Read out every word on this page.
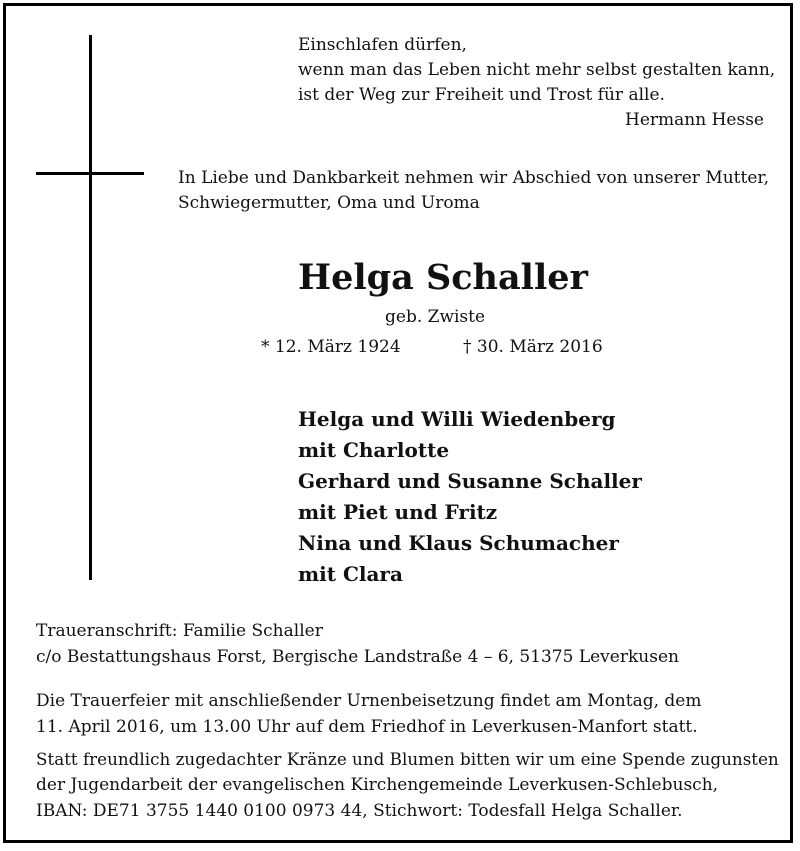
Einschlafen dürfen,
wenn man das Leben nicht mehr selbst gestalten kann,
ist der Weg zur Freiheit und Trost für alle.
Hermann Hesse
In Liebe und Dankbarkeit nehmen wir Abschied von unserer Mutter,
Schwiegermutter, Oma und Uroma
Helga Schaller
geb. Zwiste
* 12. März 1924	† 30. März 2016
Helga und Willi Wiedenberg
mit Charlotte
Gerhard und Susanne Schaller
mit Piet und Fritz
Nina und Klaus Schumacher
mit Clara
Traueranschrift: Familie Schaller
c/o Bestattungshaus Forst, Bergische Landstraße 4 – 6, 51375 Leverkusen
Die Trauerfeier mit anschließender Urnenbeisetzung findet am Montag, dem
11. April 2016, um 13.00 Uhr auf dem Friedhof in Leverkusen-Manfort statt.
Statt freundlich zugedachter Kränze und Blumen bitten wir um eine Spende zugunsten
der Jugendarbeit der evangelischen Kirchengemeinde Leverkusen-Schlebusch,
IBAN: DE71 3755 1440 0100 0973 44, Stichwort: Todesfall Helga Schaller.
